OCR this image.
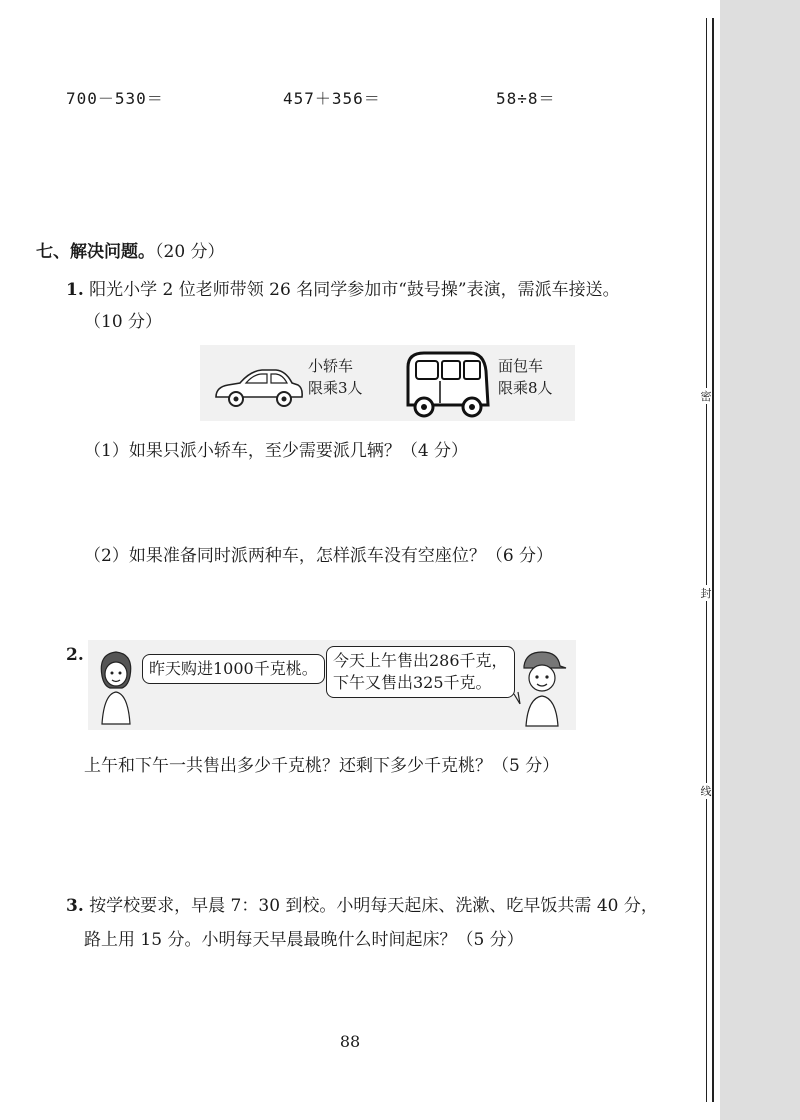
700－530＝	457＋356＝	58÷8＝
七、解决问题。（20 分）
1. 阳光小学 2 位老师带领 26 名同学参加市“鼓号操”表演，需派车接送。
（10 分）
小轿车
限乘3人
面包车
限乘8人
（1）如果只派小轿车，至少需要派几辆？（4 分）
（2）如果准备同时派两种车，怎样派车没有空座位？（6 分）
2.
昨天购进1000千克桃。 今天上午售出286千克，
下午又售出325千克。
上午和下午一共售出多少千克桃？还剩下多少千克桃？（5 分）
3. 按学校要求，早晨 7：30 到校。小明每天起床、洗漱、吃早饭共需 40 分，
路上用 15 分。小明每天早晨最晚什么时间起床？（5 分）
88
密
封
线
